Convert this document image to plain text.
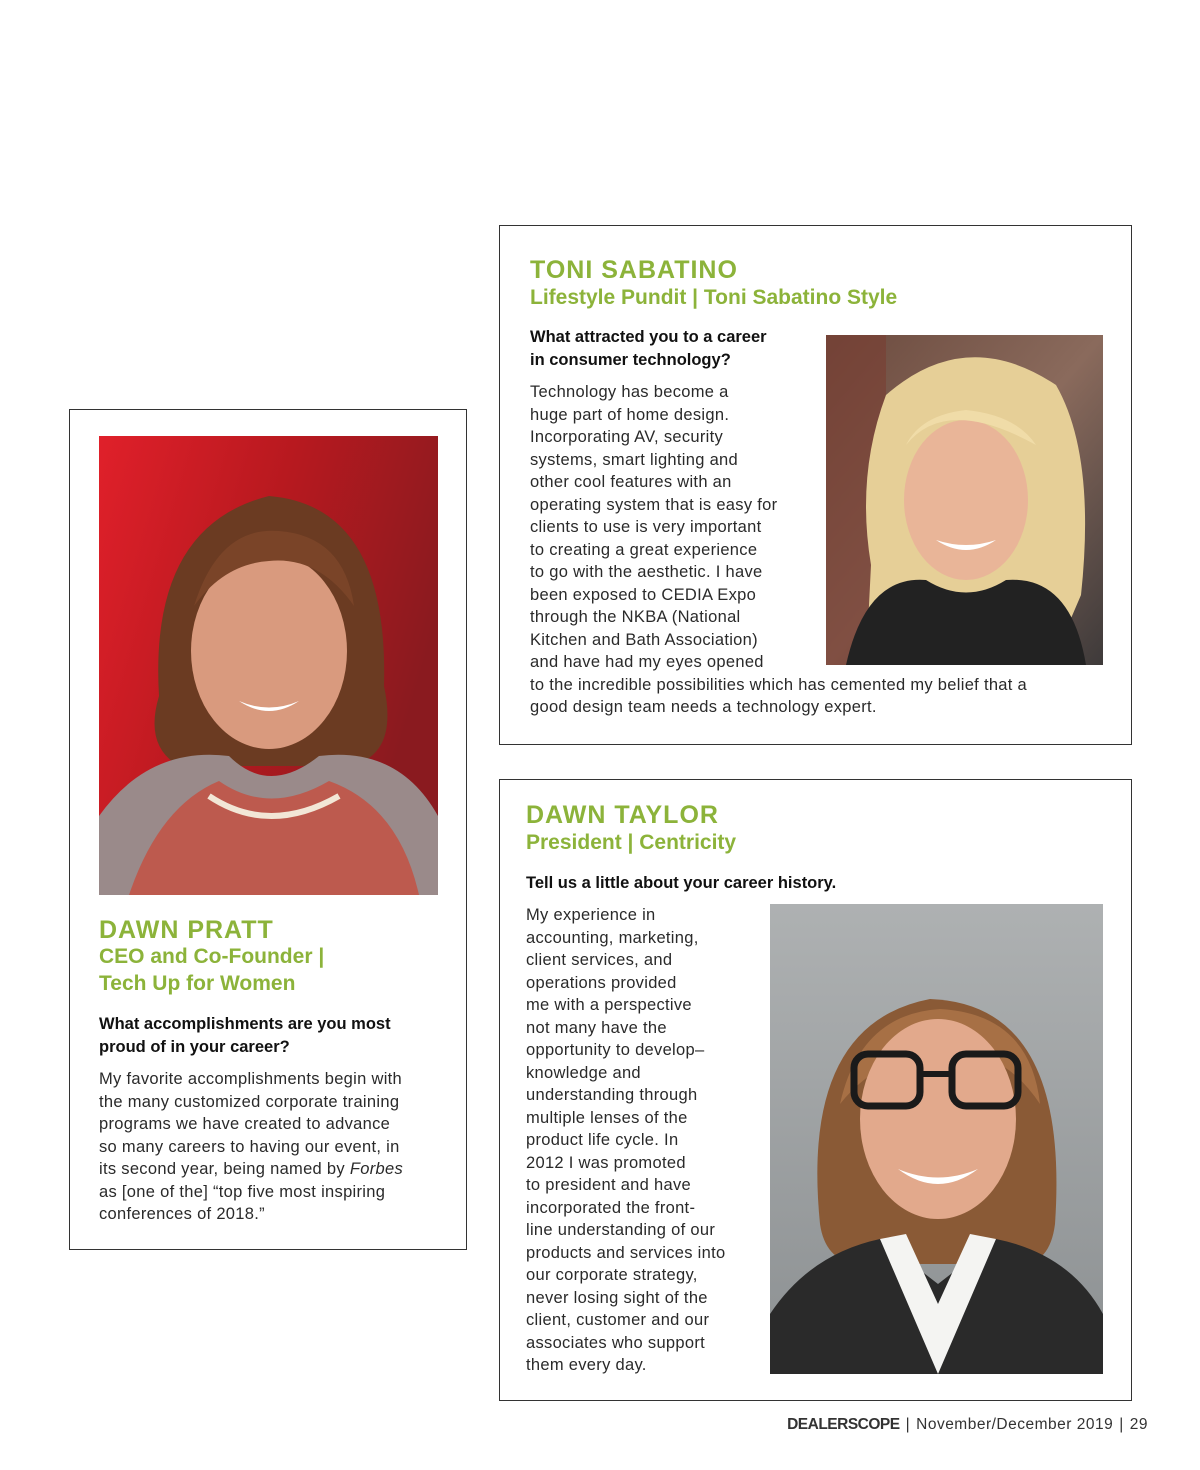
TONI SABATINO
Lifestyle Pundit | Toni Sabatino Style

What attracted you to a career
in consumer technology?

Technology has become a
huge part of home design.
Incorporating AV, security
systems, smart lighting and
other cool features with an
operating system that is easy for
clients to use is very important
to creating a great experience
to go with the aesthetic. I have
been exposed to CEDIA Expo
through the NKBA (National
Kitchen and Bath Association)
and have had my eyes opened
to the incredible possibilities which has cemented my belief that a
good design team needs a technology expert.

DAWN PRATT
CEO and Co-Founder |
Tech Up for Women

What accomplishments are you most
proud of in your career?

My favorite accomplishments begin with
the many customized corporate training
programs we have created to advance
so many careers to having our event, in
its second year, being named by Forbes
as [one of the] “top five most inspiring
conferences of 2018.”

DAWN TAYLOR
President | Centricity

Tell us a little about your career history.

My experience in
accounting, marketing,
client services, and
operations provided
me with a perspective
not many have the
opportunity to develop–
knowledge and
understanding through
multiple lenses of the
product life cycle. In
2012 I was promoted
to president and have
incorporated the front-
line understanding of our
products and services into
our corporate strategy,
never losing sight of the
client, customer and our
associates who support
them every day.

DEALERSCOPE | November/December 2019 | 29
